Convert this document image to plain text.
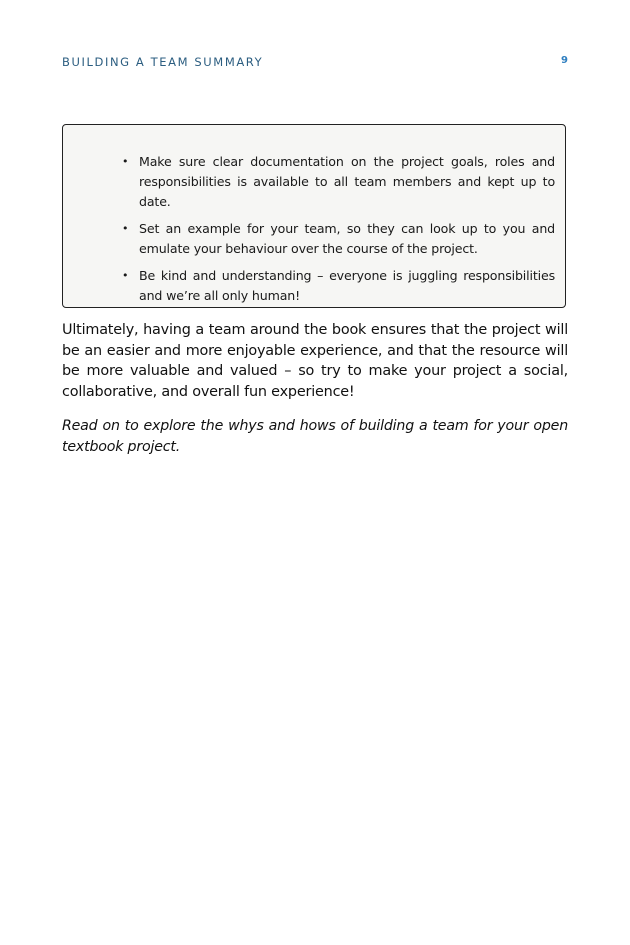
BUILDING A TEAM SUMMARY	9
• Make sure clear documentation on the project goals, roles and responsibilities is available to all team members and kept up to date.
• Set an example for your team, so they can look up to you and emulate your behaviour over the course of the project.
• Be kind and understanding – everyone is juggling responsibilities and we’re all only human!

Ultimately, having a team around the book ensures that the project will be an easier and more enjoyable experience, and that the resource will be more valuable and valued – so try to make your project a social, collaborative, and overall fun experience!

Read on to explore the whys and hows of building a team for your open textbook project.
